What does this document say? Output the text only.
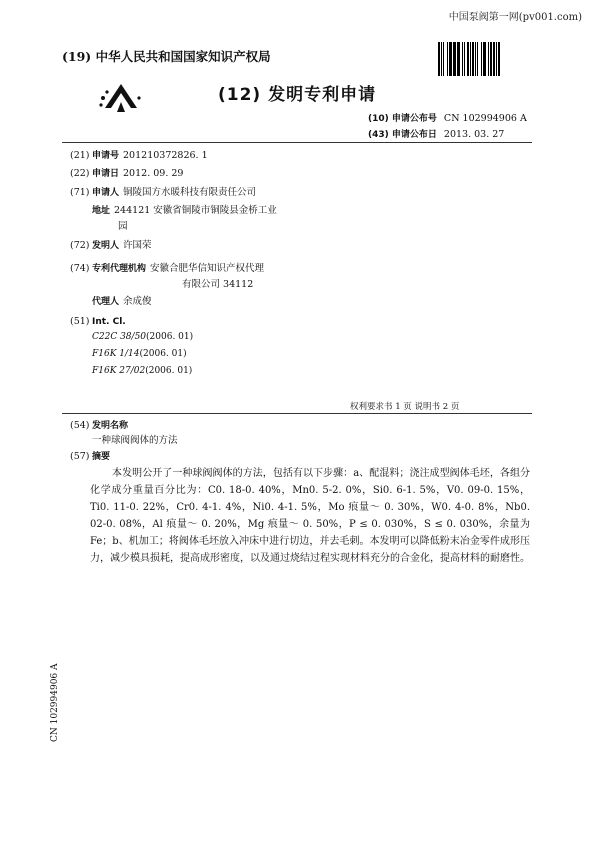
中国泵阀第一网(pv001.com)
(19) 中华人民共和国国家知识产权局
(12) 发明专利申请
(10) 申请公布号 CN 102994906 A
(43) 申请公布日 2013. 03. 27
(21) 申请号 201210372826. 1
(22) 申请日 2012. 09. 29
(71) 申请人 铜陵国方水暖科技有限责任公司
地址 244121 安徽省铜陵市铜陵县金桥工业
园
(72) 发明人 许国荣
(74) 专利代理机构 安徽合肥华信知识产权代理
有限公司 34112
代理人 余成俊
(51) Int. Cl.
C22C 38/50(2006. 01)
F16K 1/14(2006. 01)
F16K 27/02(2006. 01)
权利要求书 1 页 说明书 2 页
(54) 发明名称
一种球阀阀体的方法
(57) 摘要
本发明公开了一种球阀阀体的方法，包括有以下步骤：a、配混料；浇注成型阀体毛坯，各组分化学成分重量百分比为：C0. 18-0. 40%，Mn0. 5-2. 0%，Si0. 6-1. 5%，V0. 09-0. 15%，Ti0. 11-0. 22%，Cr0. 4-1. 4%，Ni0. 4-1. 5%，Mo 痕量～ 0. 30%，W0. 4-0. 8%，Nb0. 02-0. 08%，Al 痕量～ 0. 20%，Mg 痕量～ 0. 50%，P ≤ 0. 030%，S ≤ 0. 030%，余量为 Fe；b、机加工；将阀体毛坯放入冲床中进行切边，并去毛刺。本发明可以降低粉末冶金零件成形压力，减少模具损耗，提高成形密度，以及通过烧结过程实现材料充分的合金化，提高材料的耐磨性。
CN 102994906 A
